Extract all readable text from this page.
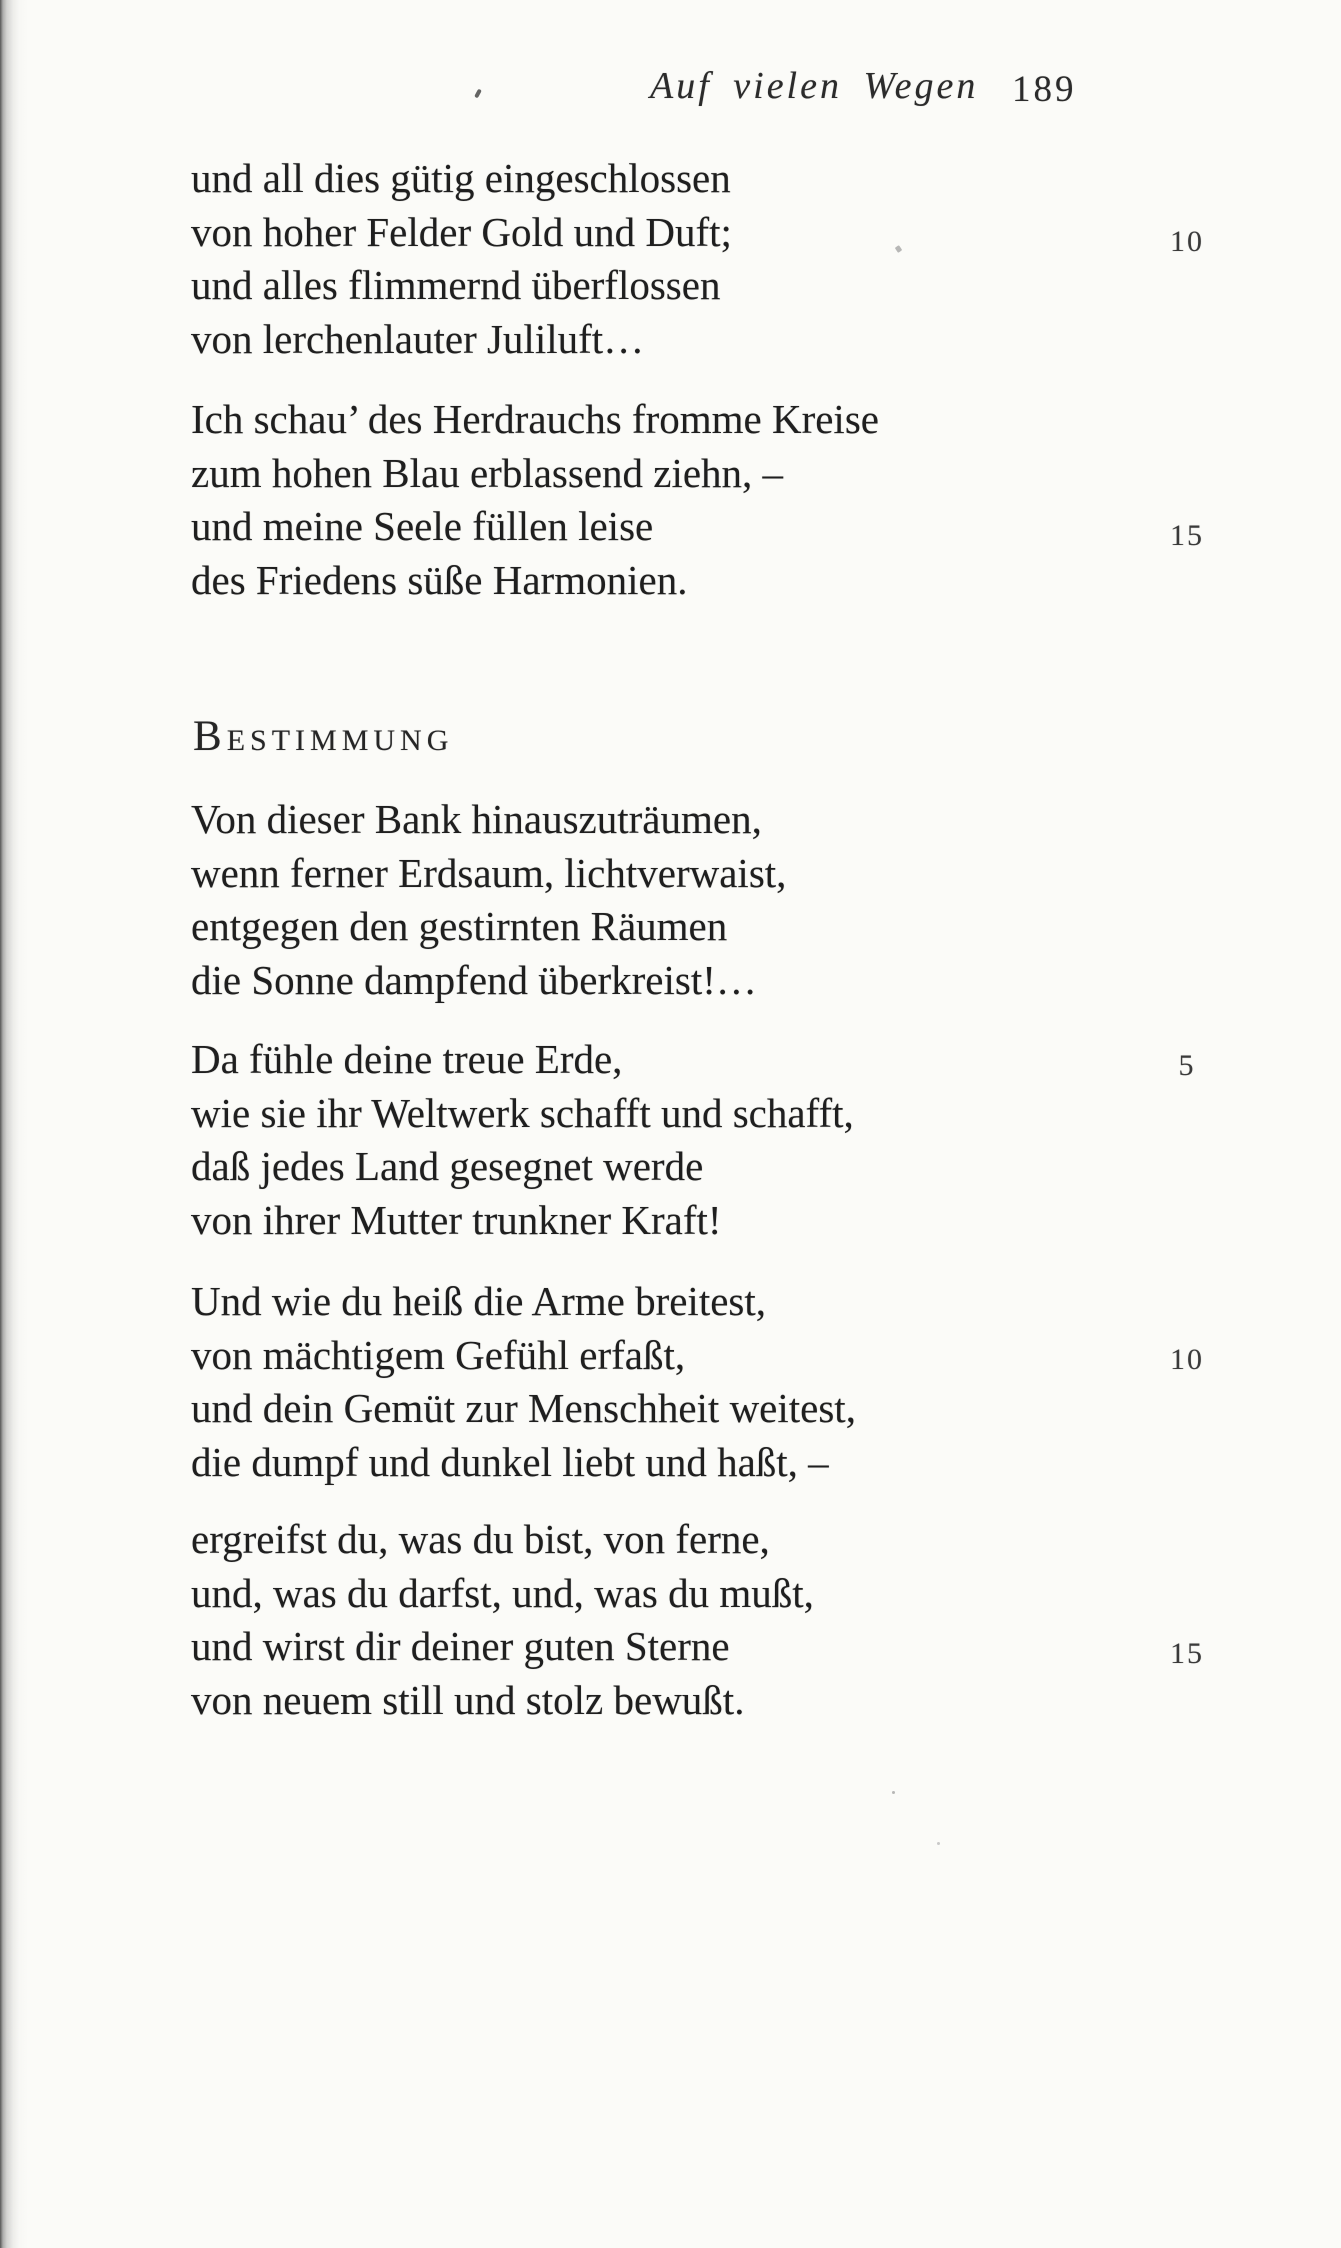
Auf vielen Wegen 189
und all dies gütig eingeschlossen
von hoher Felder Gold und Duft;
und alles flimmernd überflossen
von lerchenlauter Juliluft…
Ich schau’ des Herdrauchs fromme Kreise
zum hohen Blau erblassend ziehn, –
und meine Seele füllen leise
des Friedens süße Harmonien.
10
15
BESTIMMUNG
Von dieser Bank hinauszuträumen,
wenn ferner Erdsaum, lichtverwaist,
entgegen den gestirnten Räumen
die Sonne dampfend überkreist!…
Da fühle deine treue Erde,
wie sie ihr Weltwerk schafft und schafft,
daß jedes Land gesegnet werde
von ihrer Mutter trunkner Kraft!
Und wie du heiß die Arme breitest,
von mächtigem Gefühl erfaßt,
und dein Gemüt zur Menschheit weitest,
die dumpf und dunkel liebt und haßt, –
ergreifst du, was du bist, von ferne,
und, was du darfst, und, was du mußt,
und wirst dir deiner guten Sterne
von neuem still und stolz bewußt.
5
10
15
